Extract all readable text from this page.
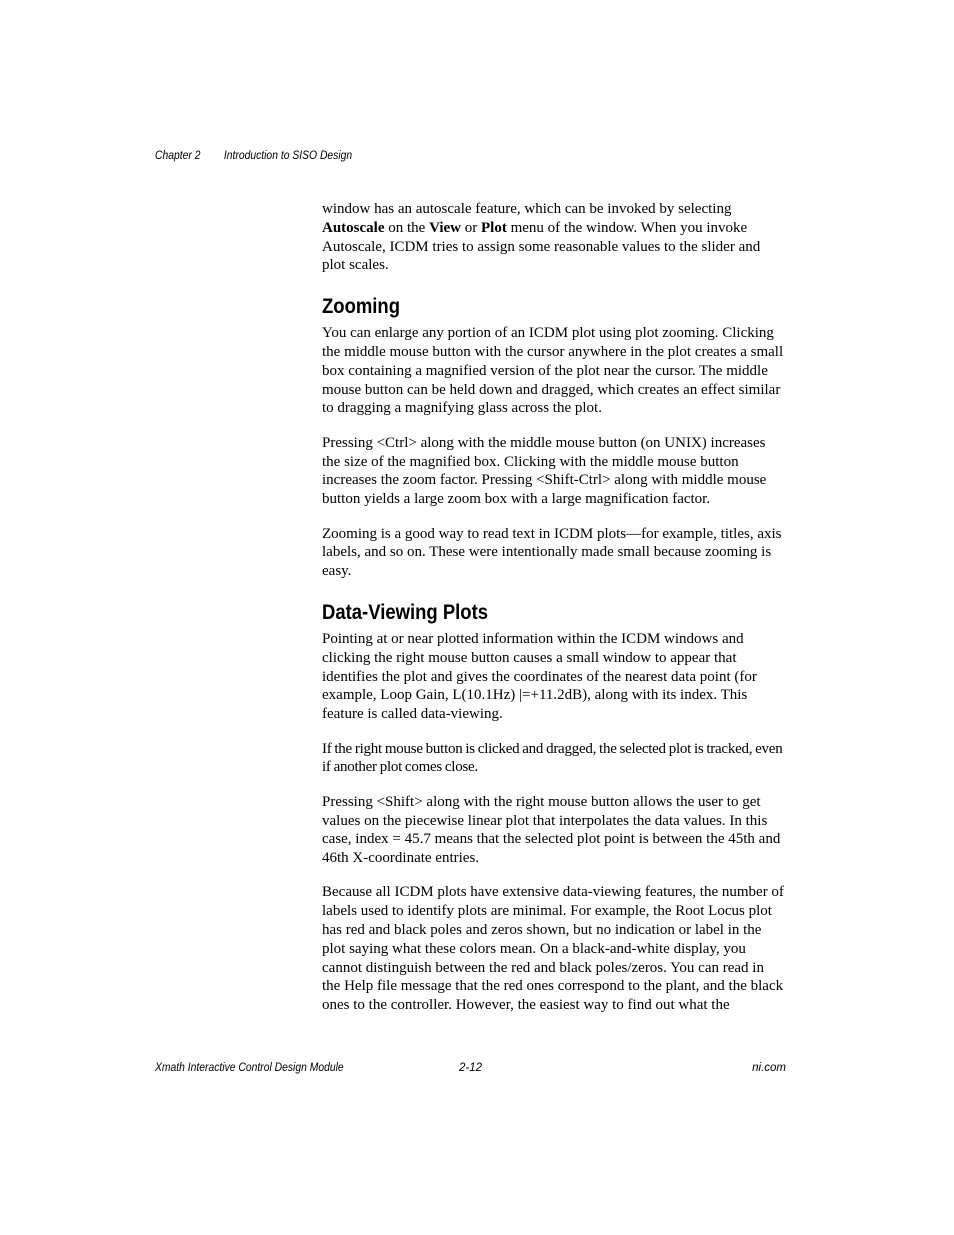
Chapter 2 Introduction to SISO Design

window has an autoscale feature, which can be invoked by selecting Autoscale on the View or Plot menu of the window. When you invoke Autoscale, ICDM tries to assign some reasonable values to the slider and plot scales.

Zooming

You can enlarge any portion of an ICDM plot using plot zooming. Clicking the middle mouse button with the cursor anywhere in the plot creates a small box containing a magnified version of the plot near the cursor. The middle mouse button can be held down and dragged, which creates an effect similar to dragging a magnifying glass across the plot.

Pressing <Ctrl> along with the middle mouse button (on UNIX) increases the size of the magnified box. Clicking with the middle mouse button increases the zoom factor. Pressing <Shift-Ctrl> along with middle mouse button yields a large zoom box with a large magnification factor.

Zooming is a good way to read text in ICDM plots—for example, titles, axis labels, and so on. These were intentionally made small because zooming is easy.

Data-Viewing Plots

Pointing at or near plotted information within the ICDM windows and clicking the right mouse button causes a small window to appear that identifies the plot and gives the coordinates of the nearest data point (for example, Loop Gain, L(10.1Hz) |=+11.2dB), along with its index. This feature is called data-viewing.

If the right mouse button is clicked and dragged, the selected plot is tracked, even if another plot comes close.

Pressing <Shift> along with the right mouse button allows the user to get values on the piecewise linear plot that interpolates the data values. In this case, index = 45.7 means that the selected plot point is between the 45th and 46th X-coordinate entries.

Because all ICDM plots have extensive data-viewing features, the number of labels used to identify plots are minimal. For example, the Root Locus plot has red and black poles and zeros shown, but no indication or label in the plot saying what these colors mean. On a black-and-white display, you cannot distinguish between the red and black poles/zeros. You can read in the Help file message that the red ones correspond to the plant, and the black ones to the controller. However, the easiest way to find out what the

Xmath Interactive Control Design Module	2-12	ni.com
